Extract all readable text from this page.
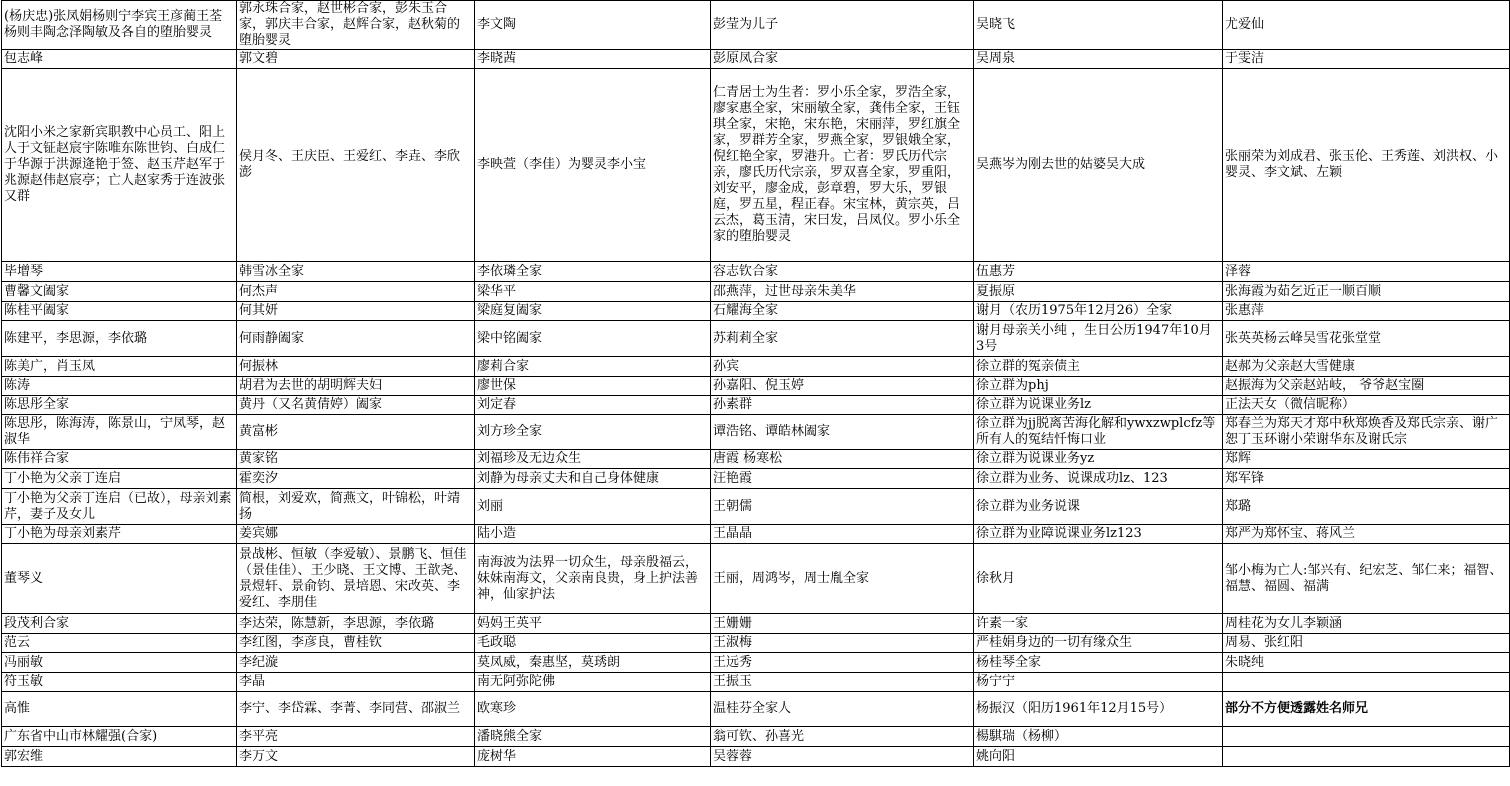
(杨庆忠)张凤娟杨则宁李宾王彦蔺王荃杨则丰陶念泽陶敏及各自的堕胎婴灵	郭永珠合家，赵世彬合家，彭朱玉合家，郭庆丰合家，赵辉合家，赵秋菊的堕胎婴灵	李文陶	彭莹为儿子	吴晓飞	尤爱仙
包志峰	郭文碧	李晓茜	彭原凤合家	吴周泉	于雯洁
沈阳小米之家新宾职教中心员工、阳上人于文钲赵宸宇陈唯东陈世钧、白成仁于华源于洪源逄艳于签、赵玉芹赵军于兆源赵伟赵宸亭；亡人赵家秀于连波张又群	侯月冬、王庆臣、王爱红、李垚、李欣澎	李映萱（李佳）为婴灵李小宝	仁青居士为生者：罗小乐全家，罗浩全家，廖家惠全家，宋丽敏全家，龚伟全家，王钰琪全家，宋艳，宋东艳，宋丽萍，罗红旗全家，罗群芳全家，罗燕全家，罗银娥全家，倪红艳全家，罗港升。亡者：罗氏历代宗亲，廖氏历代宗亲，罗双喜全家，罗重阳，刘安平，廖金成，彭章碧，罗大乐，罗银庭，罗五星，程正春。宋宝林，黄宗英，吕云杰，葛玉清，宋曰发，吕凤仪。罗小乐全家的堕胎婴灵	吴燕岑为刚去世的姑婆吴大成	张丽荣为刘成君、张玉伦、王秀莲、刘洪权、小婴灵、李文斌、左颖
毕增琴	韩雪冰全家	李依璘全家	容志钦合家	伍惠芳	泽蓉
曹馨文阖家	何杰声	梁华平	邵燕萍，过世母亲朱美华	夏振原	张海霞为茹乞近正一顺百顺
陈桂平阖家	何其妍	梁庭复阖家	石耀海全家	谢月（农历1975年12月26）全家	张惠萍
陈建平，李思源，李依璐	何雨静阖家	梁中铭阖家	苏莉莉全家	谢月母亲关小纯 ，生日公历1947年10月3号	张英英杨云峰吴雪花张堂堂
陈美广，肖玉凤	何振林	廖莉合家	孙宾	徐立群的冤亲债主	赵郝为父亲赵大雪健康
陈涛	胡君为去世的胡明辉夫妇	廖世保	孙嘉阳、倪玉婷	徐立群为phj	赵振海为父亲赵站岐， 爷爷赵宝圈
陈思彤全家	黄丹（又名黄倩婷）阖家	刘定春	孙素群	徐立群为说课业务lz	正法天女（微信昵称）
陈思彤，陈海涛，陈景山，宁凤琴，赵淑华	黄富彬	刘方珍全家	谭浩铭、谭皓林阖家	徐立群为jj脱离苦海化解和ywxzwplcfz等所有人的冤结忏悔口业	郑春兰为郑天才郑中秋郑焕香及郑氏宗亲、谢广恕丁玉环谢小荣谢华东及谢氏宗
陈伟祥合家	黄家铭	刘福珍及无边众生	唐霞 杨寒松	徐立群为说课业务yz	郑辉
丁小艳为父亲丁连启	霍奕汐	刘静为母亲丈夫和自己身体健康	汪艳霞	徐立群为业务、说课成功lz、123	郑军锋
丁小艳为父亲丁连启（已故），母亲刘素芹，妻子及女儿	简根，刘爱欢，简燕文，叶锦松，叶靖扬	刘丽	王朝儒	徐立群为业务说课	郑璐
丁小艳为母亲刘素芹	姜宾娜	陆小造	王晶晶	徐立群为业障说课业务lz123	郑严为郑怀宝、蒋风兰
董琴义	景战彬、恒敏（李爱敏）、景鹏飞、恒佳（景佳佳）、王少晓、王文博、王歆尧、景煜轩、景俞钧、景培恩、宋改英、李爱红、李朋佳	南海波为法界一切众生，母亲殷福云，妹妹南海文，父亲南良贵，身上护法善神，仙家护法	王丽，周鸿岑，周士胤全家	徐秋月	邹小梅为亡人:邹兴有、纪宏芝、邹仁来；福智、福慧、福圆、福满
段茂利合家	李达荣，陈慧新，李思源，李依璐	妈妈王英平	王姗姗	许素一家	周桂花为女儿李颖涵
范云	李红图，李彦良，曹桂钦	毛政聪	王淑梅	严桂娟身边的一切有缘众生	周易、张红阳
冯丽敏	李纪漩	莫凤威，秦惠坚，莫琇朗	王远秀	杨桂琴全家	朱晓纯
符玉敏	李晶	南无阿弥陀佛	王振玉	杨宁宁	
高惟	李宁、李岱霖、李菁、李同营、邵淑兰	欧寒珍	温桂芬全家人	杨振汉（阳历1961年12月15号）	部分不方便透露姓名师兄
广东省中山市林耀强(合家)	李平亮	潘晓熊全家	翁可钦、孙喜光	楊騏瑞（杨柳）	
郭宏维	李万文	庞树华	吴蓉蓉	姚向阳	
